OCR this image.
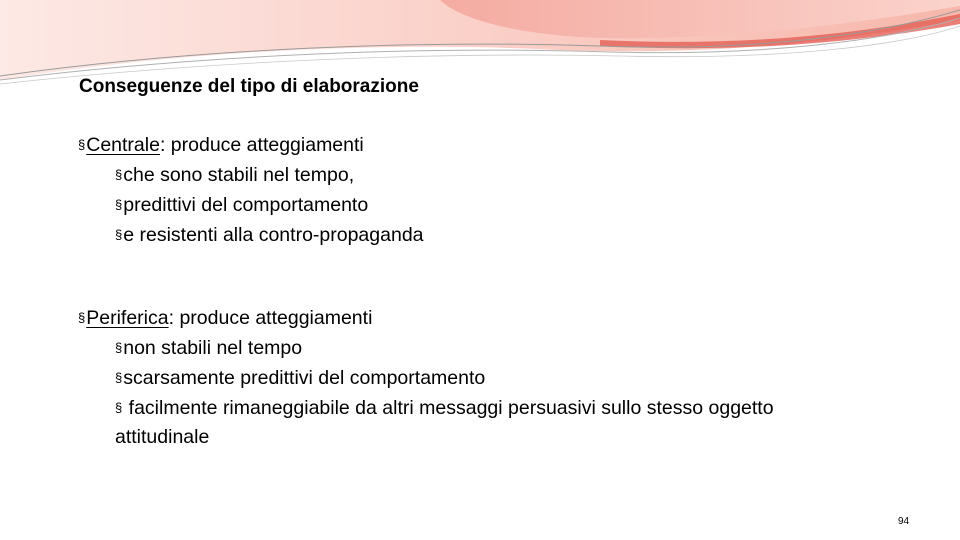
Conseguenze del tipo di elaborazione
§Centrale: produce atteggiamenti
§che sono stabili nel tempo,
§predittivi del comportamento
§e resistenti alla contro-propaganda
§Periferica: produce atteggiamenti
§non stabili nel tempo
§scarsamente predittivi del comportamento
§ facilmente rimaneggiabile da altri messaggi persuasivi sullo stesso oggetto
attitudinale
94
